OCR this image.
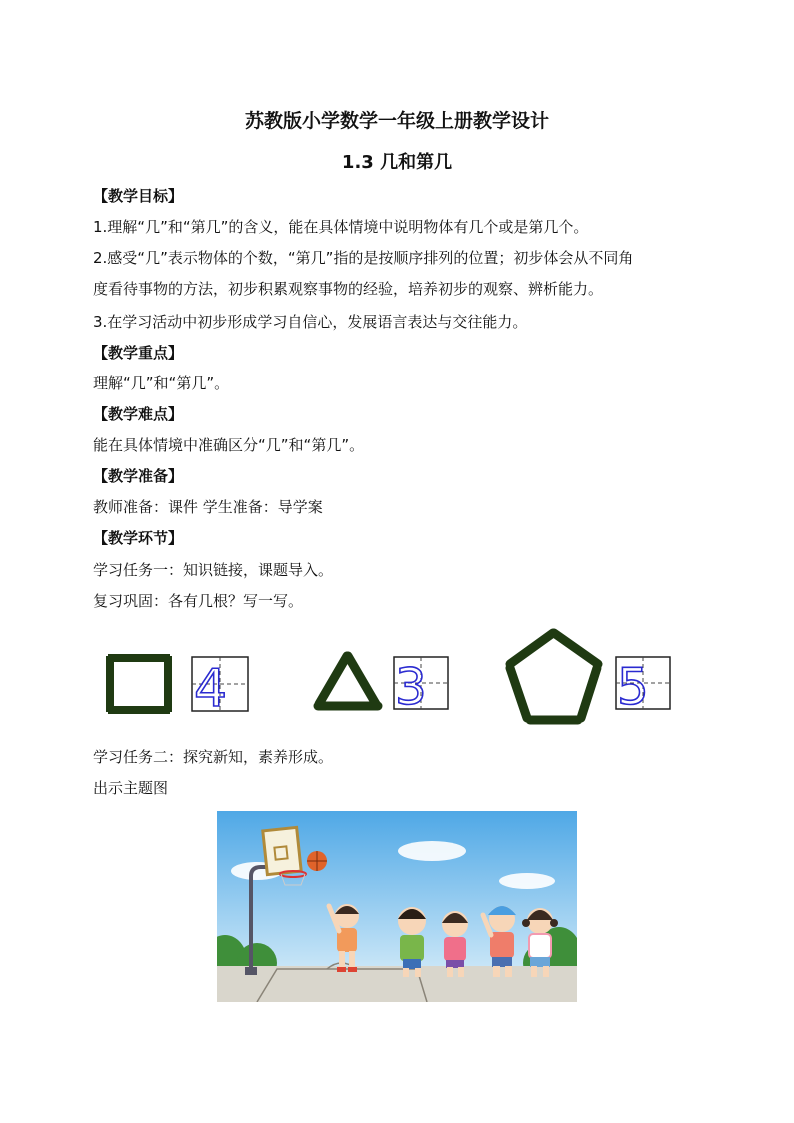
苏教版小学数学一年级上册教学设计
1.3 几和第几
【教学目标】
1.理解“几”和“第几”的含义，能在具体情境中说明物体有几个或是第几个。
2.感受“几”表示物体的个数，“第几”指的是按顺序排列的位置；初步体会从不同角
度看待事物的方法，初步积累观察事物的经验，培养初步的观察、辨析能力。
3.在学习活动中初步形成学习自信心，发展语言表达与交往能力。
【教学重点】
理解“几”和“第几”。
【教学难点】
能在具体情境中准确区分“几”和“第几”。
【教学准备】
教师准备：课件 学生准备：导学案
【教学环节】
学习任务一：知识链接，课题导入。
复习巩固：各有几根？写一写。
4	3	5
学习任务二：探究新知，素养形成。
出示主题图
